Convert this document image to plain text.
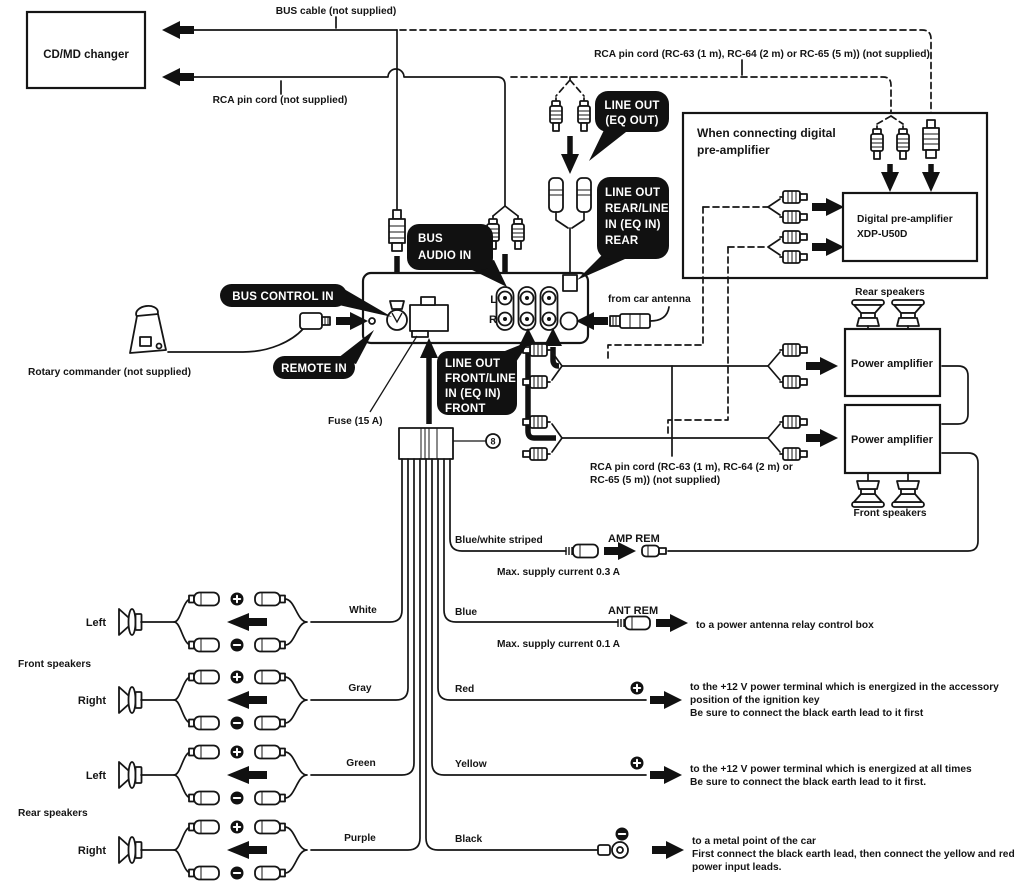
BUS cable (not supplied)
CD/MD changer
RCA pin cord (not supplied)
RCA pin cord (RC-63 (1 m), RC-64 (2 m) or RC-65 (5 m)) (not supplied)
LINE OUT
(EQ OUT)
LINE OUT
REAR/LINE-
IN (EQ IN)
REAR
BUS
AUDIO IN
BUS CONTROL IN
REMOTE IN	LINE OUT
FRONT/LINE
IN (EQ IN)
FRONT
When connecting digital
pre-amplifier
Digital pre-amplifier
XDP-U50D
L
R
Fuse (15 A)
8
Rotary commander (not supplied)
from car antenna
Rear speakers
Power amplifier
Power amplifier
Front speakers
RCA pin cord (RC-63 (1 m), RC-64 (2 m) or
RC-65 (5 m)) (not supplied)
Left
White
Front speakers
Right
Gray
Left
Green
Rear speakers
Right
Purple
Blue/white striped	AMP REM
Max. supply current 0.3 A
Blue	ANT REM
Max. supply current 0.1 A
to a power antenna relay control box
Red	to the +12 V power terminal which is energized in the accessory
position of the ignition key
Be sure to connect the black earth lead to it first
Yellow	to the +12 V power terminal which is energized at all times
Be sure to connect the black earth lead to it first.
Black	to a metal point of the car
First connect the black earth lead, then connect the yellow and red
power input leads.
